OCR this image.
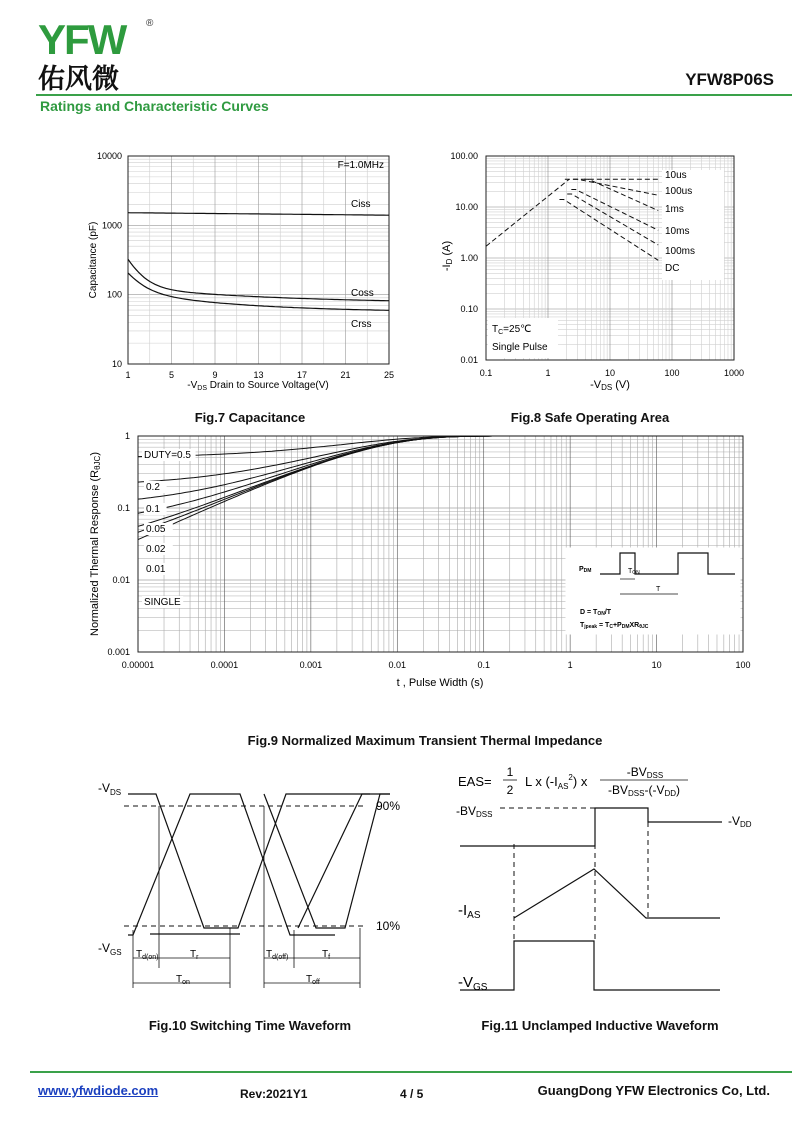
YFW ®
佑风微	YFW8P06S
Ratings and Characteristic Curves
Capacitance (pF)
$-V_{DS}$ Drain to Source Voltage(V)
F=1.0MHz
1	5	9	13	17	21	25
10
100
1000
10000
Ciss
Coss
Crss
Fig.7 Capacitance
-ID (A)
-VDS (V)
0.1	1	10	100	1000
0.01
0.10
1.00
10.00
100.00
10us
100us
1ms
10ms
100ms
DC
$T_C=25℃$
Single Pulse
Fig.8 Safe Operating Area
Normalized Thermal Response (RθJC)
t , Pulse Width (s)
0.00001	0.0001	0.001	0.01	0.1	1	10	100
0.001
0.01
0.1
1
DUTY=0.5
0.2
0.1
0.05
0.02
0.01
SINGLE
PDM	TON
T
D = TON/T
Tjpeak = TC+PDMXRθJC
Fig.9 Normalized Maximum Transient Thermal Impedance
$-V_{DS}$
$-V_{GS}$
90%
10%
$T_{d(on)}$	$T_r$	$T_{d(off)}$	$T_f$
$T_{on}$	$T_{off}$
Fig.10 Switching Time Waveform
EAS=
1
2
L x $(-I_{AS}^2)$ x
-BVDSS
-BVDSS-(-VDD)
-BVDSS	-VDD
$-I_{AS}$
$-V_{GS}$
Fig.11 Unclamped Inductive Waveform
www.yfwdiode.com	Rev:2021Y1	4 / 5	GuangDong YFW Electronics Co, Ltd.
